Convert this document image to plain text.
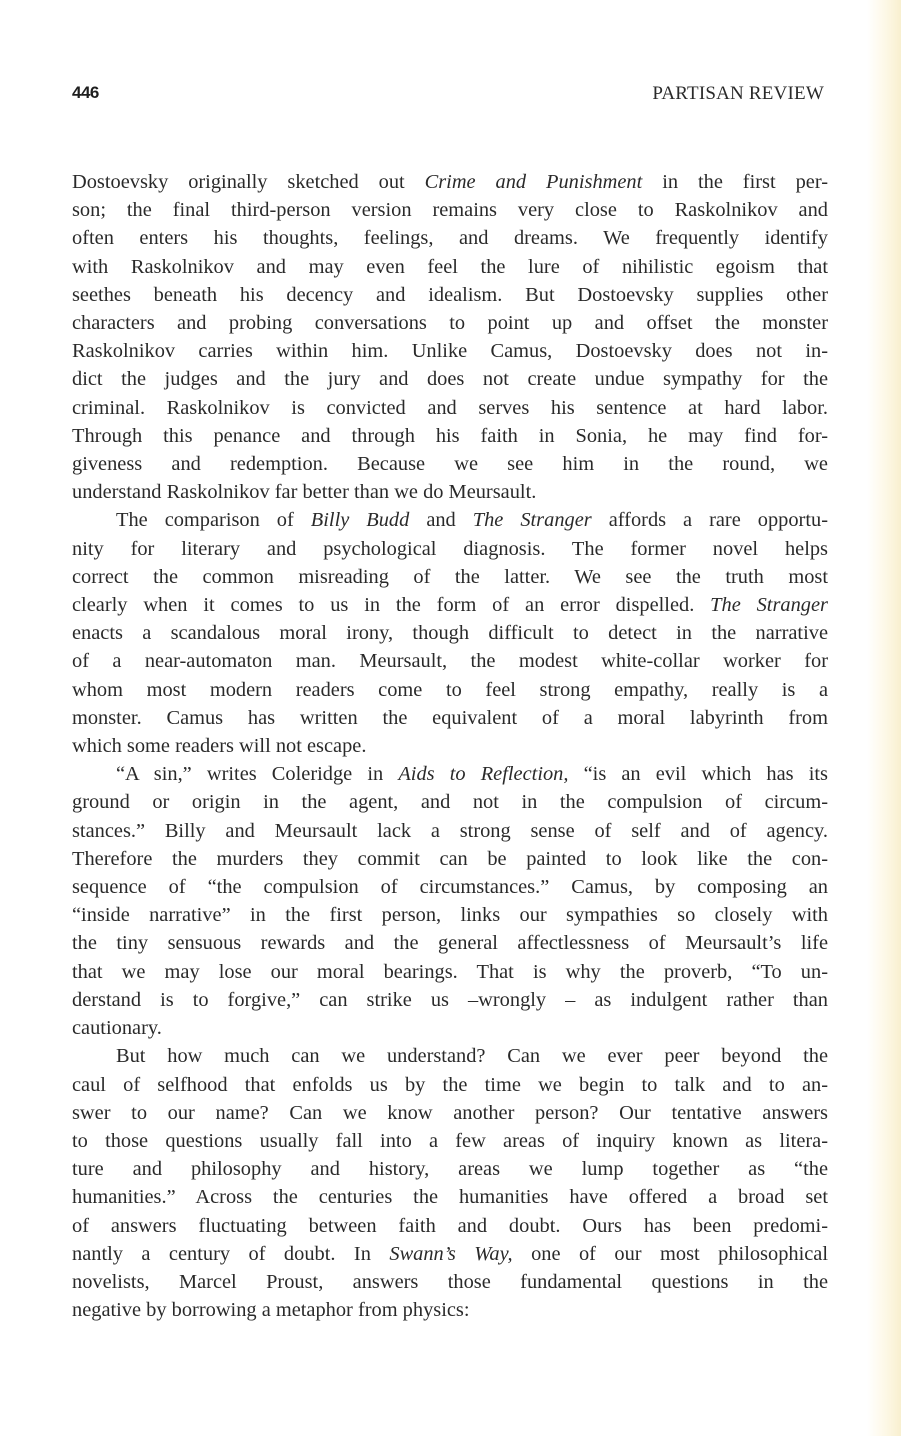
446	PARTISAN REVIEW

Dostoevsky originally sketched out Crime and Punishment in the first per-
son; the final third-person version remains very close to Raskolnikov and
often enters his thoughts, feelings, and dreams. We frequently identify
with Raskolnikov and may even feel the lure of nihilistic egoism that
seethes beneath his decency and idealism. But Dostoevsky supplies other
characters and probing conversations to point up and offset the monster
Raskolnikov carries within him. Unlike Camus, Dostoevsky does not in-
dict the judges and the jury and does not create undue sympathy for the
criminal. Raskolnikov is convicted and serves his sentence at hard labor.
Through this penance and through his faith in Sonia, he may find for-
giveness and redemption. Because we see him in the round, we
understand Raskolnikov far better than we do Meursault.

The comparison of Billy Budd and The Stranger affords a rare opportu-
nity for literary and psychological diagnosis. The former novel helps
correct the common misreading of the latter. We see the truth most
clearly when it comes to us in the form of an error dispelled. The Stranger
enacts a scandalous moral irony, though difficult to detect in the narrative
of a near-automaton man. Meursault, the modest white-collar worker for
whom most modern readers come to feel strong empathy, really is a
monster. Camus has written the equivalent of a moral labyrinth from
which some readers will not escape.

“A sin,” writes Coleridge in Aids to Reflection, “is an evil which has its
ground or origin in the agent, and not in the compulsion of circum-
stances.” Billy and Meursault lack a strong sense of self and of agency.
Therefore the murders they commit can be painted to look like the con-
sequence of “the compulsion of circumstances.” Camus, by composing an
“inside narrative” in the first person, links our sympathies so closely with
the tiny sensuous rewards and the general affectlessness of Meursault’s life
that we may lose our moral bearings. That is why the proverb, “To un-
derstand is to forgive,” can strike us –wrongly – as indulgent rather than
cautionary.

But how much can we understand? Can we ever peer beyond the
caul of selfhood that enfolds us by the time we begin to talk and to an-
swer to our name? Can we know another person? Our tentative answers
to those questions usually fall into a few areas of inquiry known as litera-
ture and philosophy and history, areas we lump together as “the
humanities.” Across the centuries the humanities have offered a broad set
of answers fluctuating between faith and doubt. Ours has been predomi-
nantly a century of doubt. In Swann’s Way, one of our most philosophical
novelists, Marcel Proust, answers those fundamental questions in the
negative by borrowing a metaphor from physics:
